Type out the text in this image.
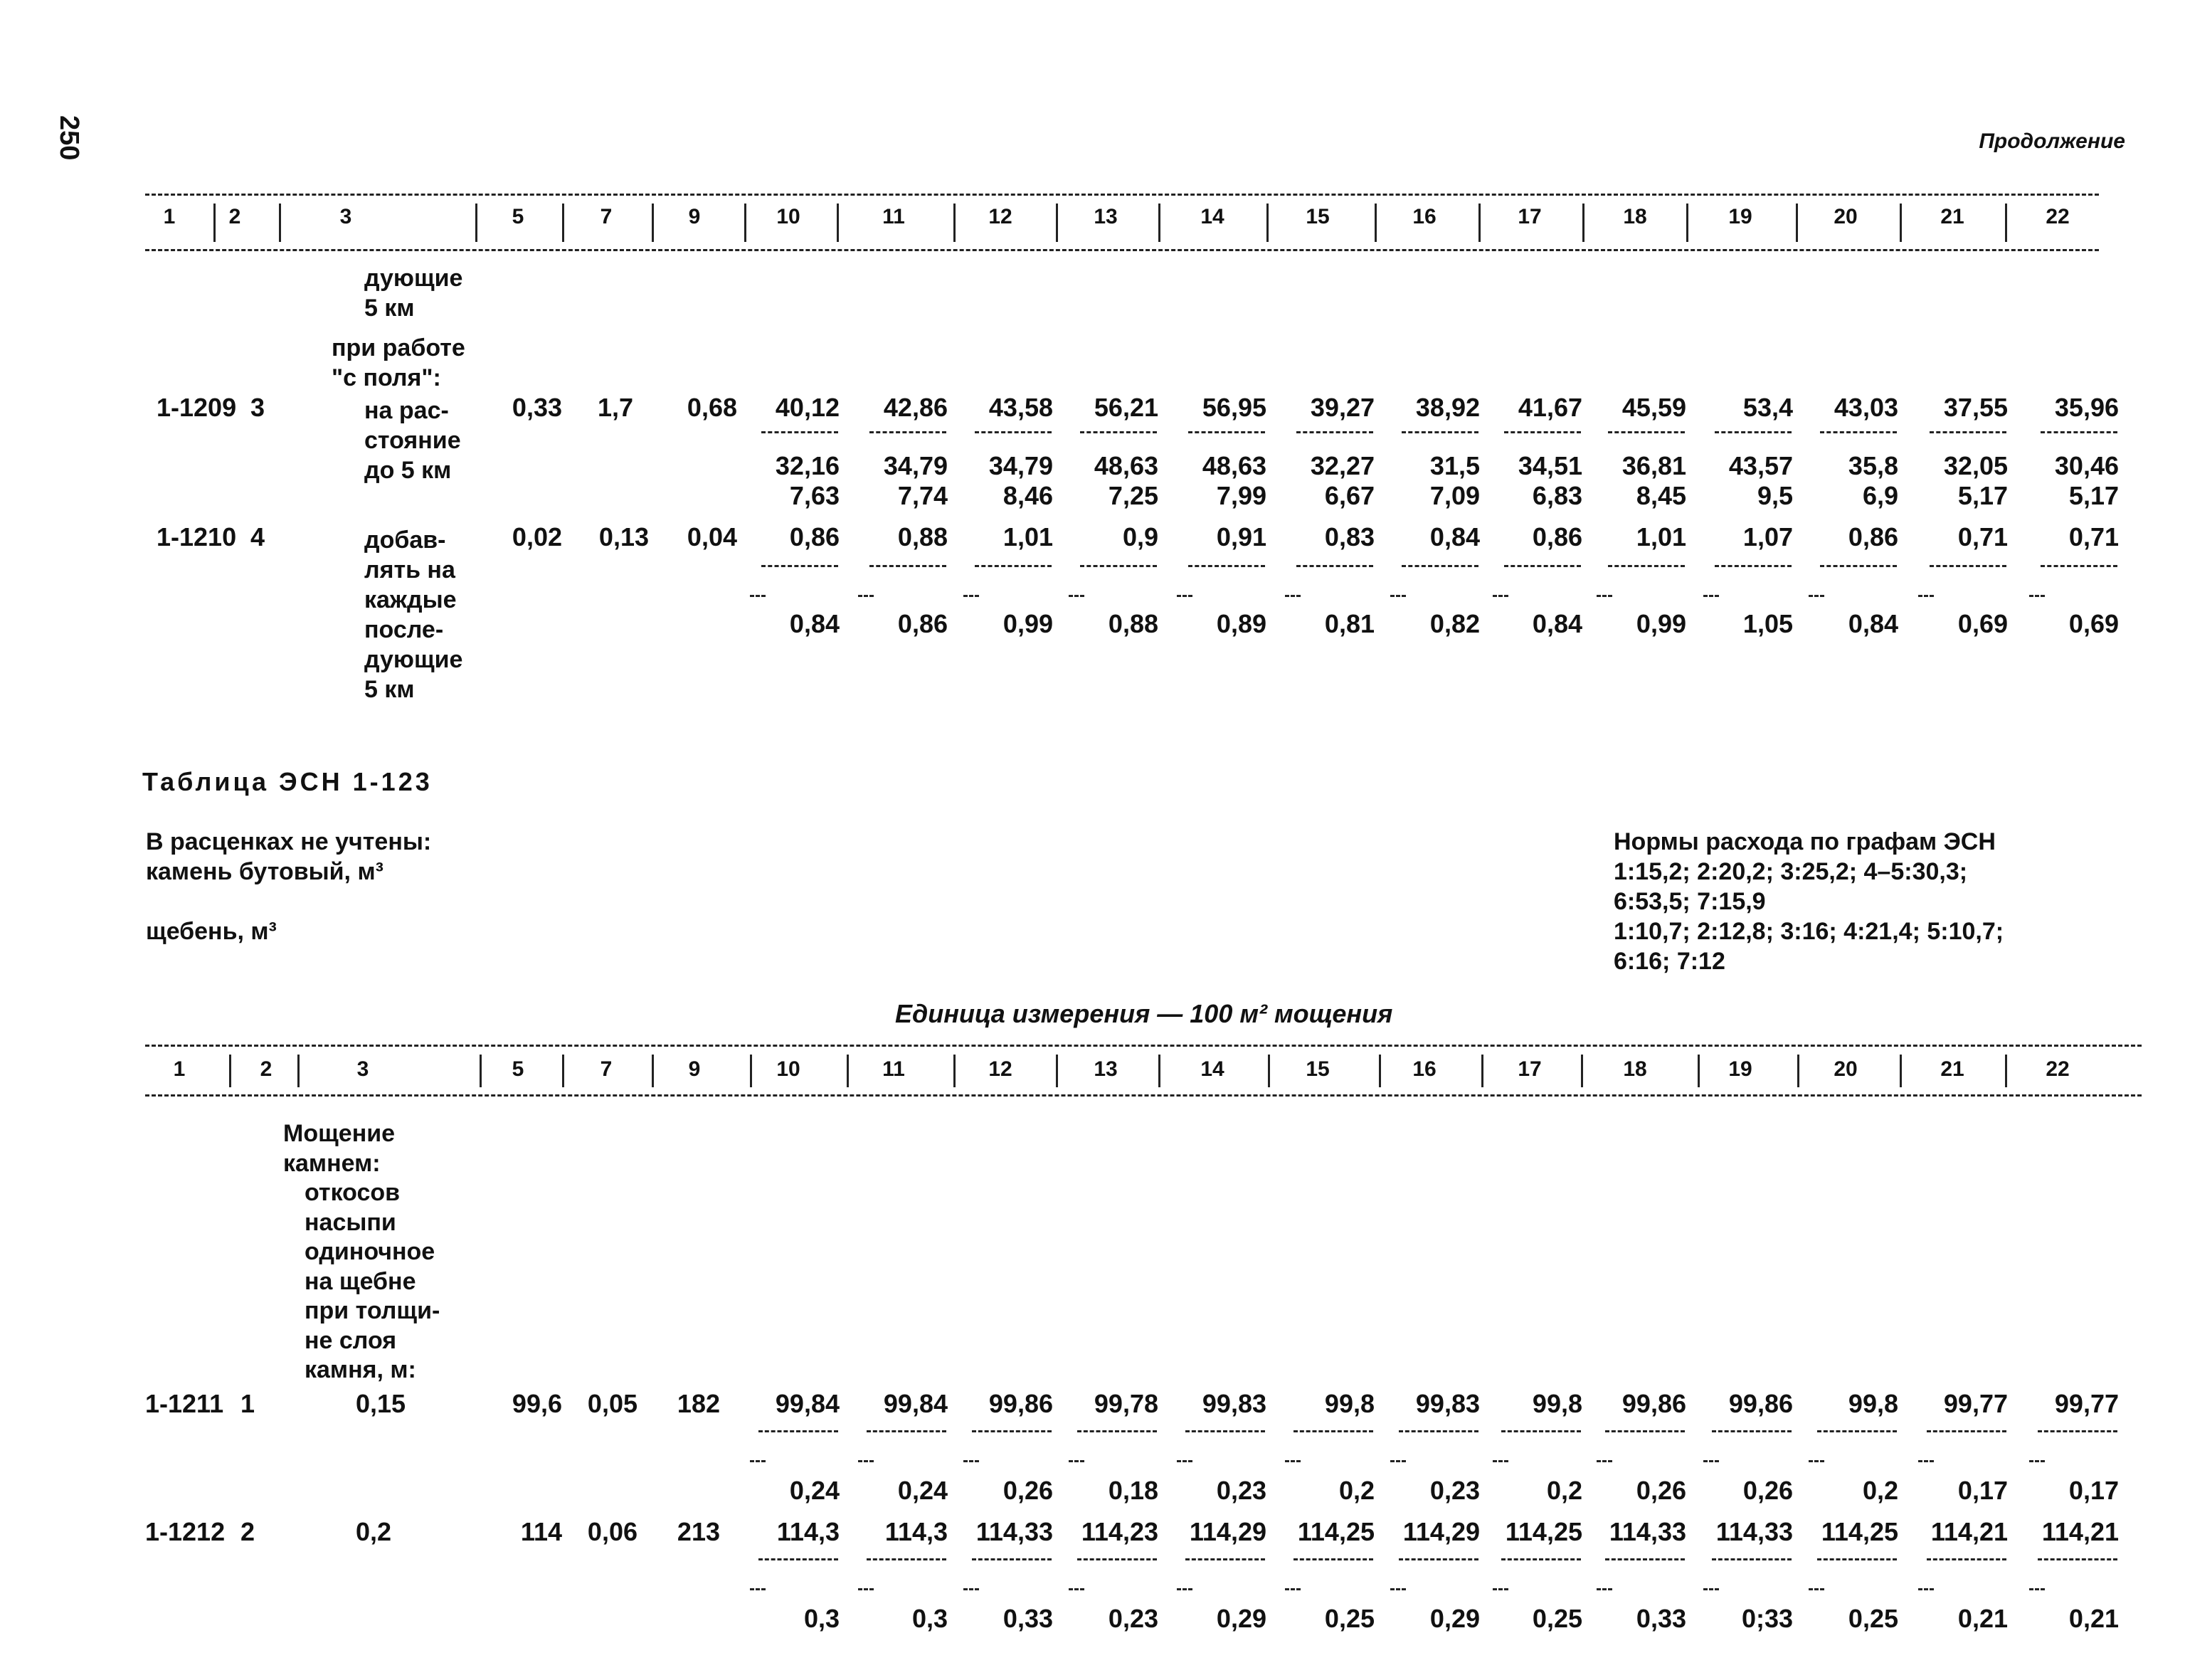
250	Продолжение
1	2	3	5	7	9	10	11	12	13	14	15	16	17	18	19	20	21	22
дующие
5 км
при работе
"с поля":
1-1209 3	на рас-
стояние
до 5 км
0,33	1,7	0,68	40,12	42,86	43,58	56,21	56,95	39,27	38,92	41,67	45,59	53,4	43,03	37,55	35,96
32,16	34,79	34,79	48,63	48,63	32,27	31,5	34,51	36,81	43,57	35,8	32,05	30,46
7,63	7,74	8,46	7,25	7,99	6,67	7,09	6,83	8,45	9,5	6,9	5,17	5,17
1-1210 4	добав-
лять на
каждые
после-
дующие
5 км
0,02	0,13	0,04	0,86	0,88	1,01	0,9	0,91	0,83	0,84	0,86	1,01	1,07	0,86	0,71	0,71
0,84	0,86	0,99	0,88	0,89	0,81	0,82	0,84	0,99	1,05	0,84	0,69	0,69
Таблица ЭСН 1-123
В расценках не учтены:
камень бутовый, м³
щебень, м³
Нормы расхода по графам ЭСН
1:15,2; 2:20,2; 3:25,2; 4–5:30,3;
6:53,5; 7:15,9
1:10,7; 2:12,8; 3:16; 4:21,4; 5:10,7;
6:16; 7:12
Единица измерения — 100 м² мощения
1	2	3	5	7	9	10	11	12	13	14	15	16	17	18	19	20	21	22
Мощение
камнем:
откосов
насыпи
одиночное
на щебне
при толщи-
не слоя
камня, м:
1-1211 1	0,15	99,6 0,05	182	99,84	99,84	99,86	99,78	99,83	99,8	99,83	99,8	99,86	99,86	99,8	99,77	99,77
0,24	0,24	0,26	0,18	0,23	0,2	0,23	0,2	0,26	0,26	0,2	0,17	0,17
1-1212 2	0,2	114 0,06	213	114,3	114,3	114,33	114,23	114,29	114,25	114,29 114,25	114,33	114,33	114,25	114,21	114,21
0,3	0,3	0,33	0,23	0,29	0,25	0,29	0,25	0,33	0;33	0,25	0,21	0,21
